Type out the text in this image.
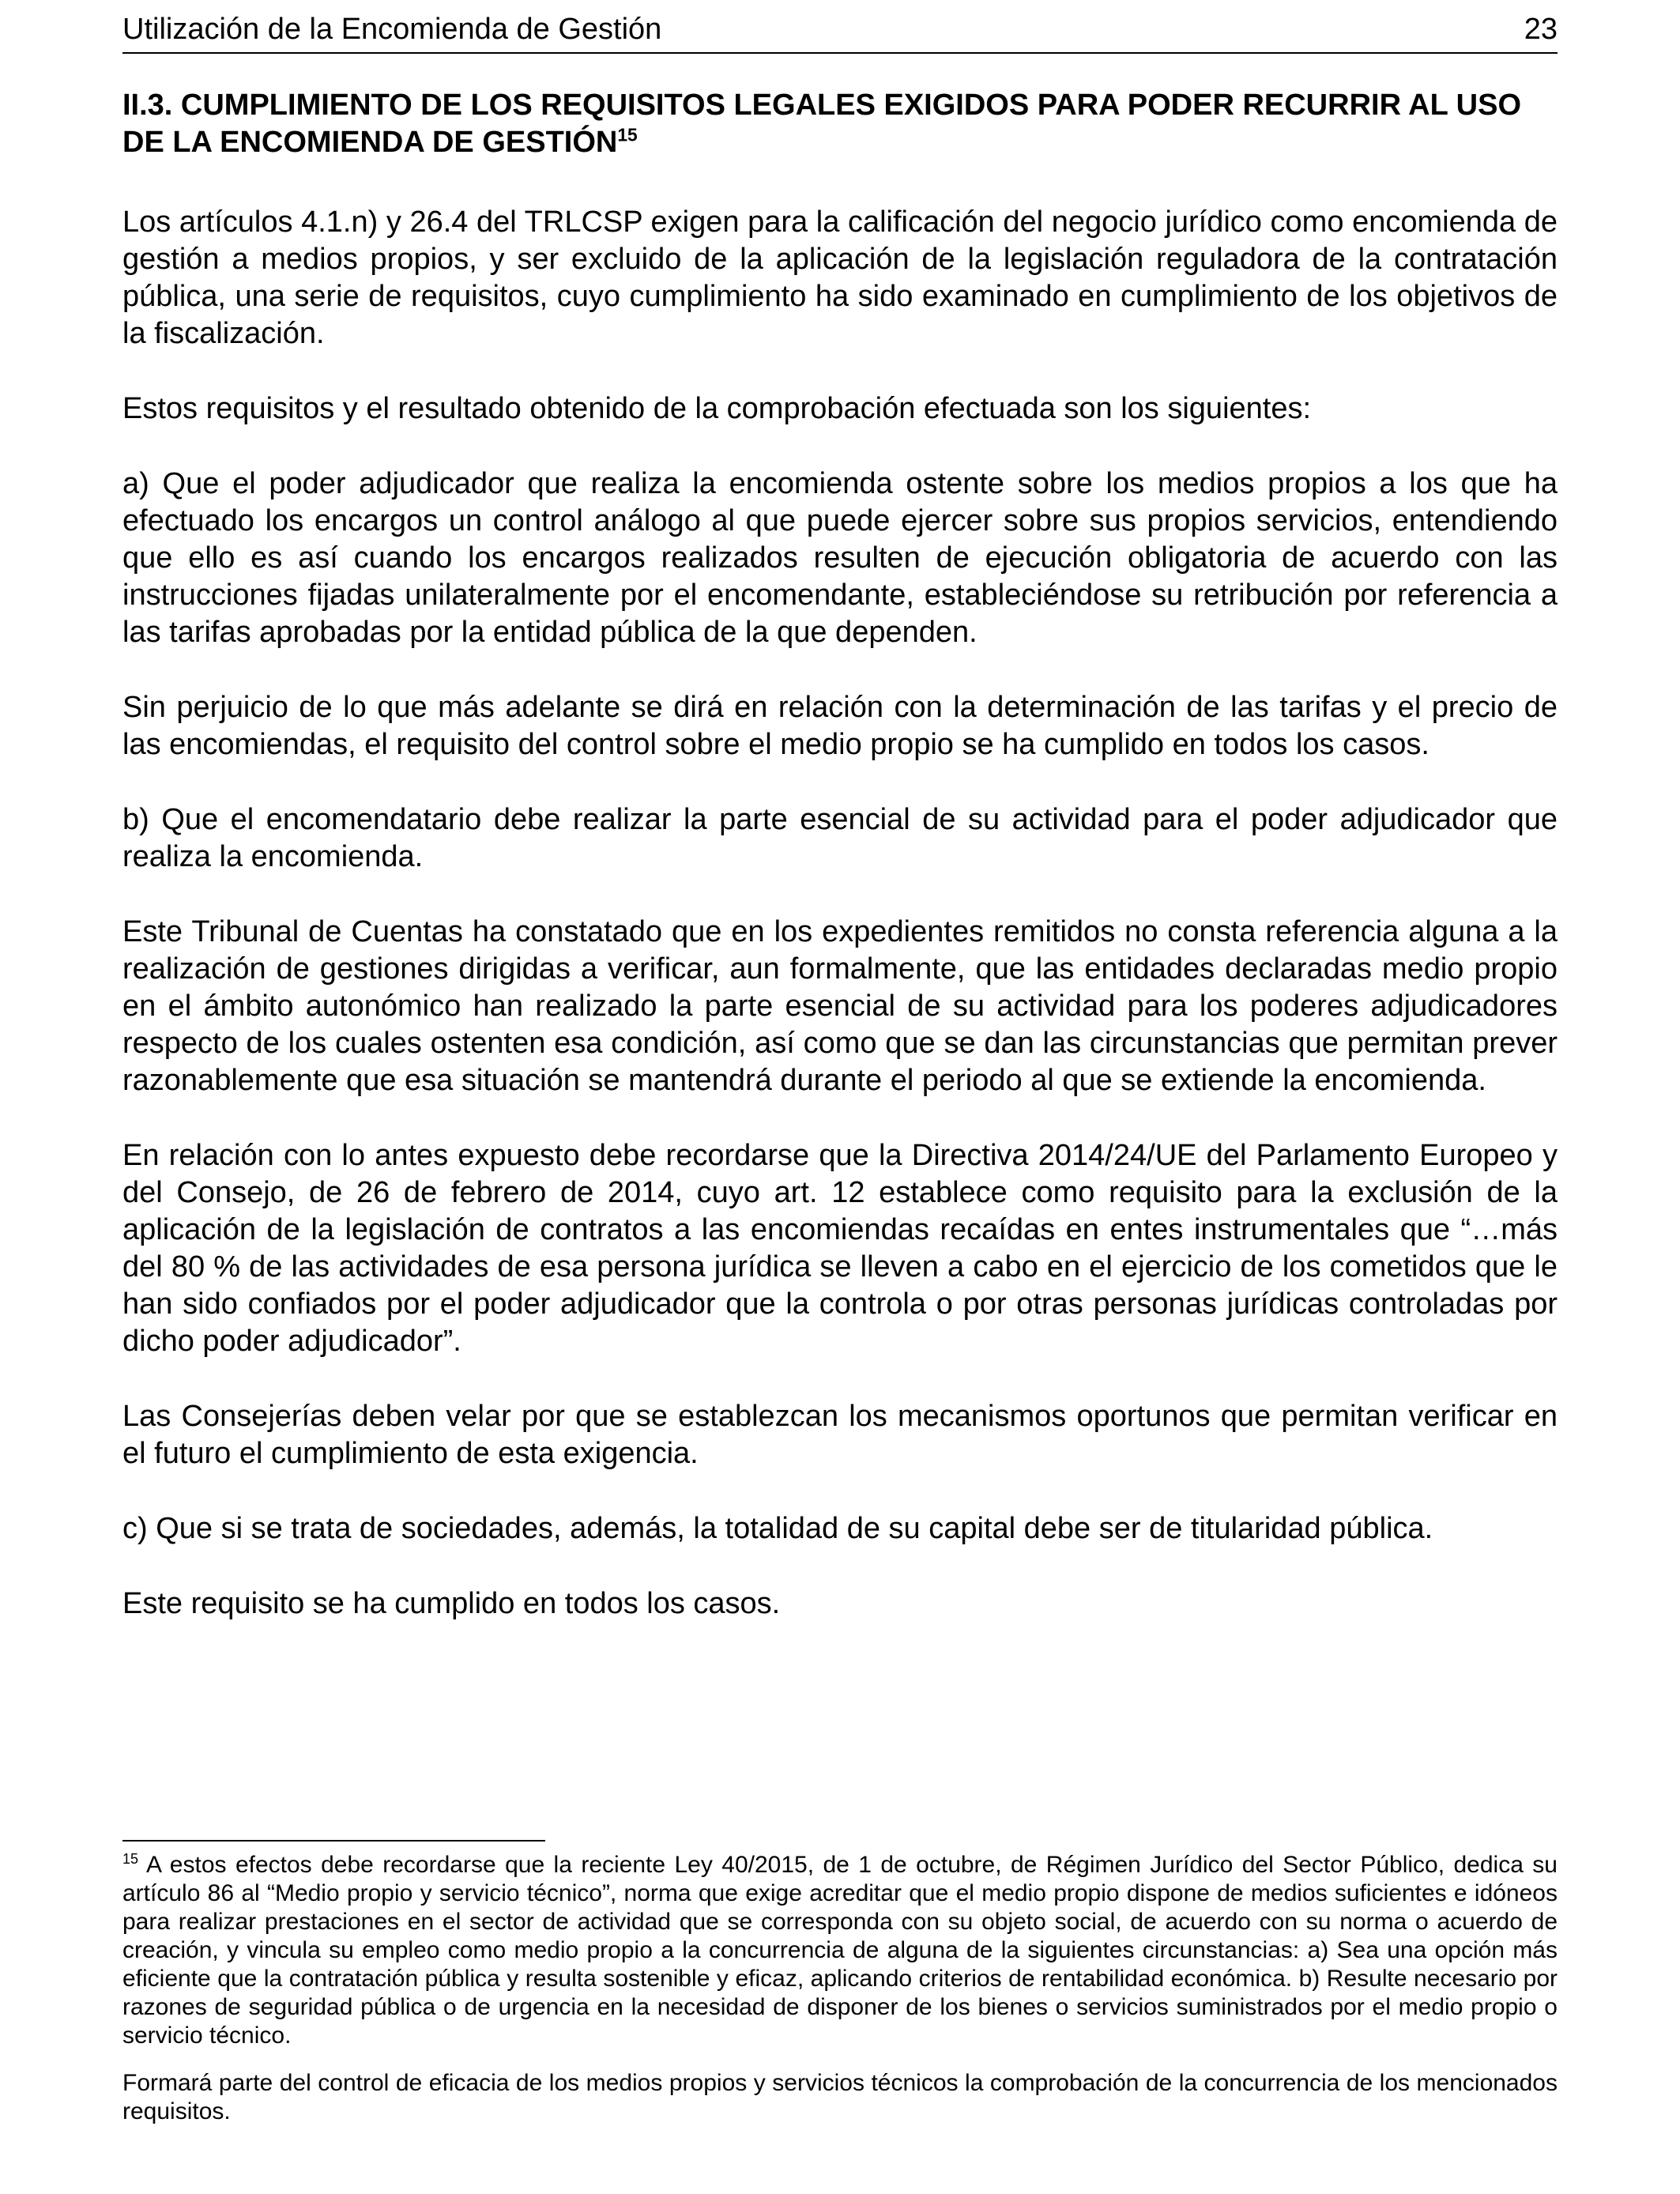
Utilización de la Encomienda de Gestión	23
II.3. CUMPLIMIENTO DE LOS REQUISITOS LEGALES EXIGIDOS PARA PODER RECURRIR AL USO DE LA ENCOMIENDA DE GESTIÓN$^{15}$

Los artículos 4.1.n) y 26.4 del TRLCSP exigen para la calificación del negocio jurídico como encomienda de gestión a medios propios, y ser excluido de la aplicación de la legislación reguladora de la contratación pública, una serie de requisitos, cuyo cumplimiento ha sido examinado en cumplimiento de los objetivos de la fiscalización.

Estos requisitos y el resultado obtenido de la comprobación efectuada son los siguientes:

a) Que el poder adjudicador que realiza la encomienda ostente sobre los medios propios a los que ha efectuado los encargos un control análogo al que puede ejercer sobre sus propios servicios, entendiendo que ello es así cuando los encargos realizados resulten de ejecución obligatoria de acuerdo con las instrucciones fijadas unilateralmente por el encomendante, estableciéndose su retribución por referencia a las tarifas aprobadas por la entidad pública de la que dependen.

Sin perjuicio de lo que más adelante se dirá en relación con la determinación de las tarifas y el precio de las encomiendas, el requisito del control sobre el medio propio se ha cumplido en todos los casos.

b) Que el encomendatario debe realizar la parte esencial de su actividad para el poder adjudicador que realiza la encomienda.

Este Tribunal de Cuentas ha constatado que en los expedientes remitidos no consta referencia alguna a la realización de gestiones dirigidas a verificar, aun formalmente, que las entidades declaradas medio propio en el ámbito autonómico han realizado la parte esencial de su actividad para los poderes adjudicadores respecto de los cuales ostenten esa condición, así como que se dan las circunstancias que permitan prever razonablemente que esa situación se mantendrá durante el periodo al que se extiende la encomienda.

En relación con lo antes expuesto debe recordarse que la Directiva 2014/24/UE del Parlamento Europeo y del Consejo, de 26 de febrero de 2014, cuyo art. 12 establece como requisito para la exclusión de la aplicación de la legislación de contratos a las encomiendas recaídas en entes instrumentales que “…más del 80 % de las actividades de esa persona jurídica se lleven a cabo en el ejercicio de los cometidos que le han sido confiados por el poder adjudicador que la controla o por otras personas jurídicas controladas por dicho poder adjudicador”.

Las Consejerías deben velar por que se establezcan los mecanismos oportunos que permitan verificar en el futuro el cumplimiento de esta exigencia.

c) Que si se trata de sociedades, además, la totalidad de su capital debe ser de titularidad pública.

Este requisito se ha cumplido en todos los casos.

$^{15}$ A estos efectos debe recordarse que la reciente Ley 40/2015, de 1 de octubre, de Régimen Jurídico del Sector Público, dedica su artículo 86 al “Medio propio y servicio técnico”, norma que exige acreditar que el medio propio dispone de medios suficientes e idóneos para realizar prestaciones en el sector de actividad que se corresponda con su objeto social, de acuerdo con su norma o acuerdo de creación, y vincula su empleo como medio propio a la concurrencia de alguna de la siguientes circunstancias: a) Sea una opción más eficiente que la contratación pública y resulta sostenible y eficaz, aplicando criterios de rentabilidad económica. b) Resulte necesario por razones de seguridad pública o de urgencia en la necesidad de disponer de los bienes o servicios suministrados por el medio propio o servicio técnico.

Formará parte del control de eficacia de los medios propios y servicios técnicos la comprobación de la concurrencia de los mencionados requisitos.
